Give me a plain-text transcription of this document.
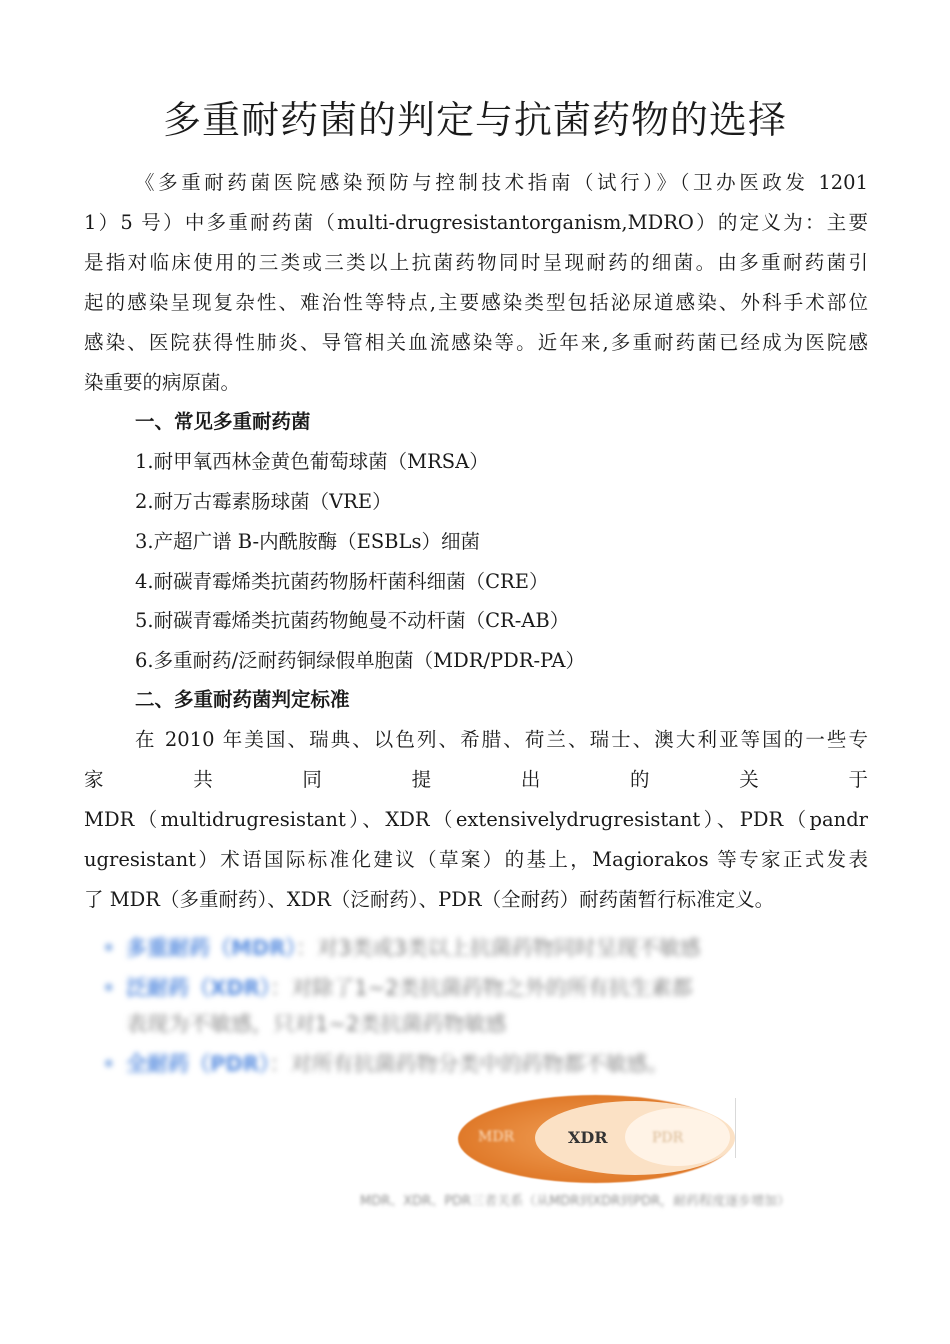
多重耐药菌的判定与抗菌药物的选择
《多重耐药菌医院感染预防与控制技术指南（试行）》（卫办医政发 1201
1）5 号）中多重耐药菌（multi-drugresistantorganism,MDRO）的定义为：主要
是指对临床使用的三类或三类以上抗菌药物同时呈现耐药的细菌。由多重耐药菌引
起的感染呈现复杂性、难治性等特点,主要感染类型包括泌尿道感染、外科手术部位
感染、医院获得性肺炎、导管相关血流感染等。近年来,多重耐药菌已经成为医院感
染重要的病原菌。
一、常见多重耐药菌
1.耐甲氧西林金黄色葡萄球菌（MRSA）
2.耐万古霉素肠球菌（VRE）
3.产超广谱 B-内酰胺酶（ESBLs）细菌
4.耐碳青霉烯类抗菌药物肠杆菌科细菌（CRE）
5.耐碳青霉烯类抗菌药物鲍曼不动杆菌（CR-AB）
6.多重耐药/泛耐药铜绿假单胞菌（MDR/PDR-PA）
二、多重耐药菌判定标准
在 2010 年美国、瑞典、以色列、希腊、荷兰、瑞士、澳大利亚等国的一些专
家　共　同　提　出　的　关　于
MDR（multidrugresistant）、XDR（extensivelydrugresistant）、PDR（pandr
ugresistant）术语国际标准化建议（草案）的基上，Magiorakos 等专家正式发表
了 MDR（多重耐药）、XDR（泛耐药）、PDR（全耐药）耐药菌暂行标准定义。
• 多重耐药（MDR）：对3类或3类以上抗菌药物同时呈现不敏感
• 泛耐药（XDR）：对除了1~2类抗菌药物之外的所有抗生素都
表现为不敏感，只对1~2类抗菌药物敏感
• 全耐药（PDR）：对所有抗菌药物分类中的药物都不敏感。
MDR	XDR	PDR
MDR、XDR、PDR三者关系（从MDR到XDR到PDR，耐药程度逐步增加）
